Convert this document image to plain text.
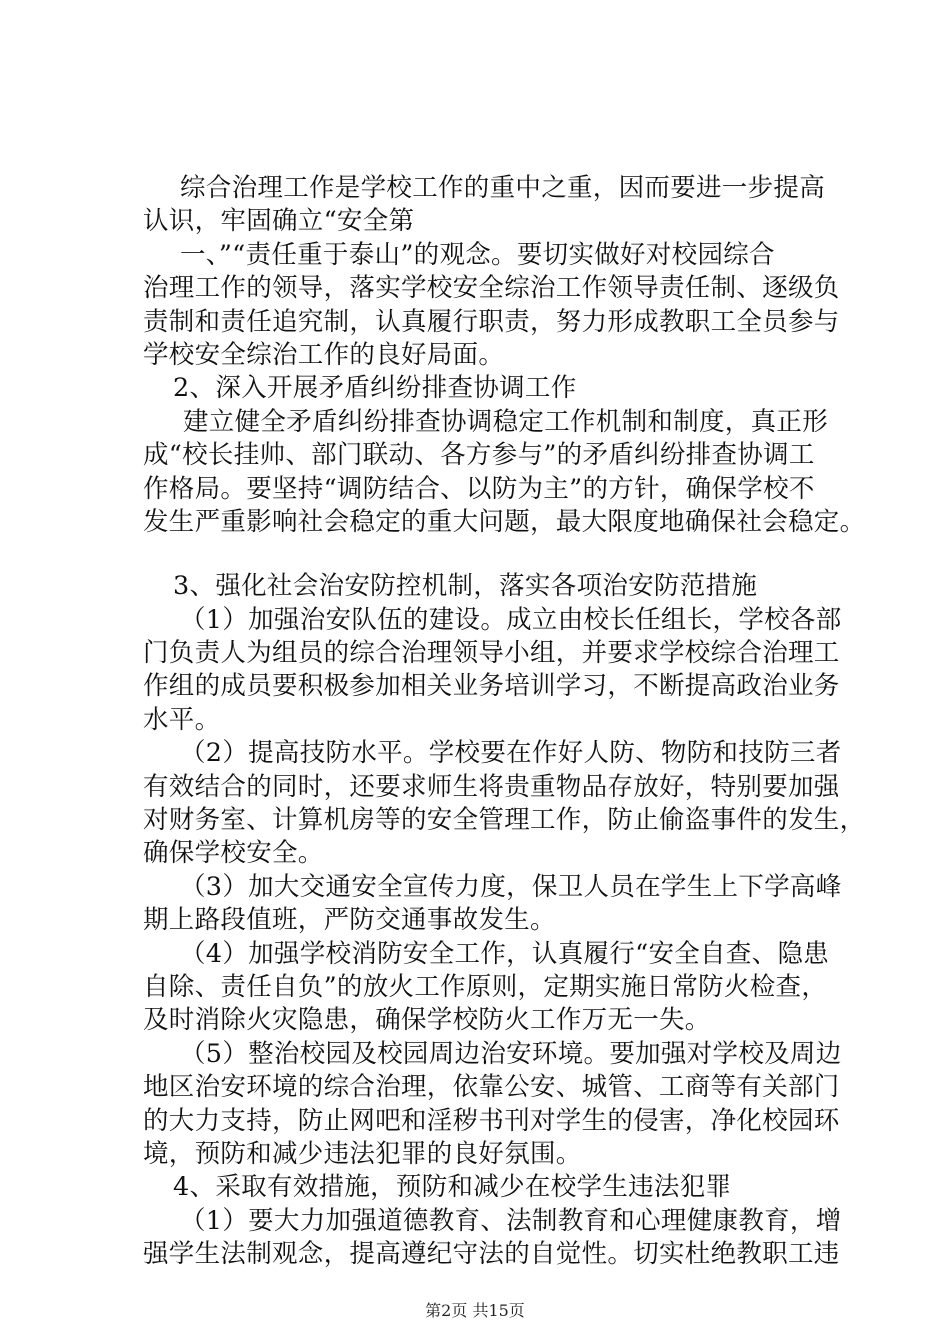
综合治理工作是学校工作的重中之重，因而要进一步提高
认识，牢固确立“安全第
一、”“责任重于泰山”的观念。要切实做好对校园综合
治理工作的领导，落实学校安全综治工作领导责任制、逐级负
责制和责任追究制，认真履行职责，努力形成教职工全员参与
学校安全综治工作的良好局面。
2、深入开展矛盾纠纷排查协调工作
建立健全矛盾纠纷排查协调稳定工作机制和制度，真正形
成“校长挂帅、部门联动、各方参与”的矛盾纠纷排查协调工
作格局。要坚持“调防结合、以防为主”的方针，确保学校不
发生严重影响社会稳定的重大问题，最大限度地确保社会稳定。
3、强化社会治安防控机制，落实各项治安防范措施
（1）加强治安队伍的建设。成立由校长任组长，学校各部
门负责人为组员的综合治理领导小组，并要求学校综合治理工
作组的成员要积极参加相关业务培训学习，不断提高政治业务
水平。
（2）提高技防水平。学校要在作好人防、物防和技防三者
有效结合的同时，还要求师生将贵重物品存放好，特别要加强
对财务室、计算机房等的安全管理工作，防止偷盗事件的发生，
确保学校安全。
（3）加大交通安全宣传力度，保卫人员在学生上下学高峰
期上路段值班，严防交通事故发生。
（4）加强学校消防安全工作，认真履行“安全自查、隐患
自除、责任自负”的放火工作原则，定期实施日常防火检查，
及时消除火灾隐患，确保学校防火工作万无一失。
（5）整治校园及校园周边治安环境。要加强对学校及周边
地区治安环境的综合治理，依靠公安、城管、工商等有关部门
的大力支持，防止网吧和淫秽书刊对学生的侵害，净化校园环
境，预防和减少违法犯罪的良好氛围。
4、采取有效措施，预防和减少在校学生违法犯罪
（1）要大力加强道德教育、法制教育和心理健康教育，增
强学生法制观念，提高遵纪守法的自觉性。切实杜绝教职工违
第2页 共15页
